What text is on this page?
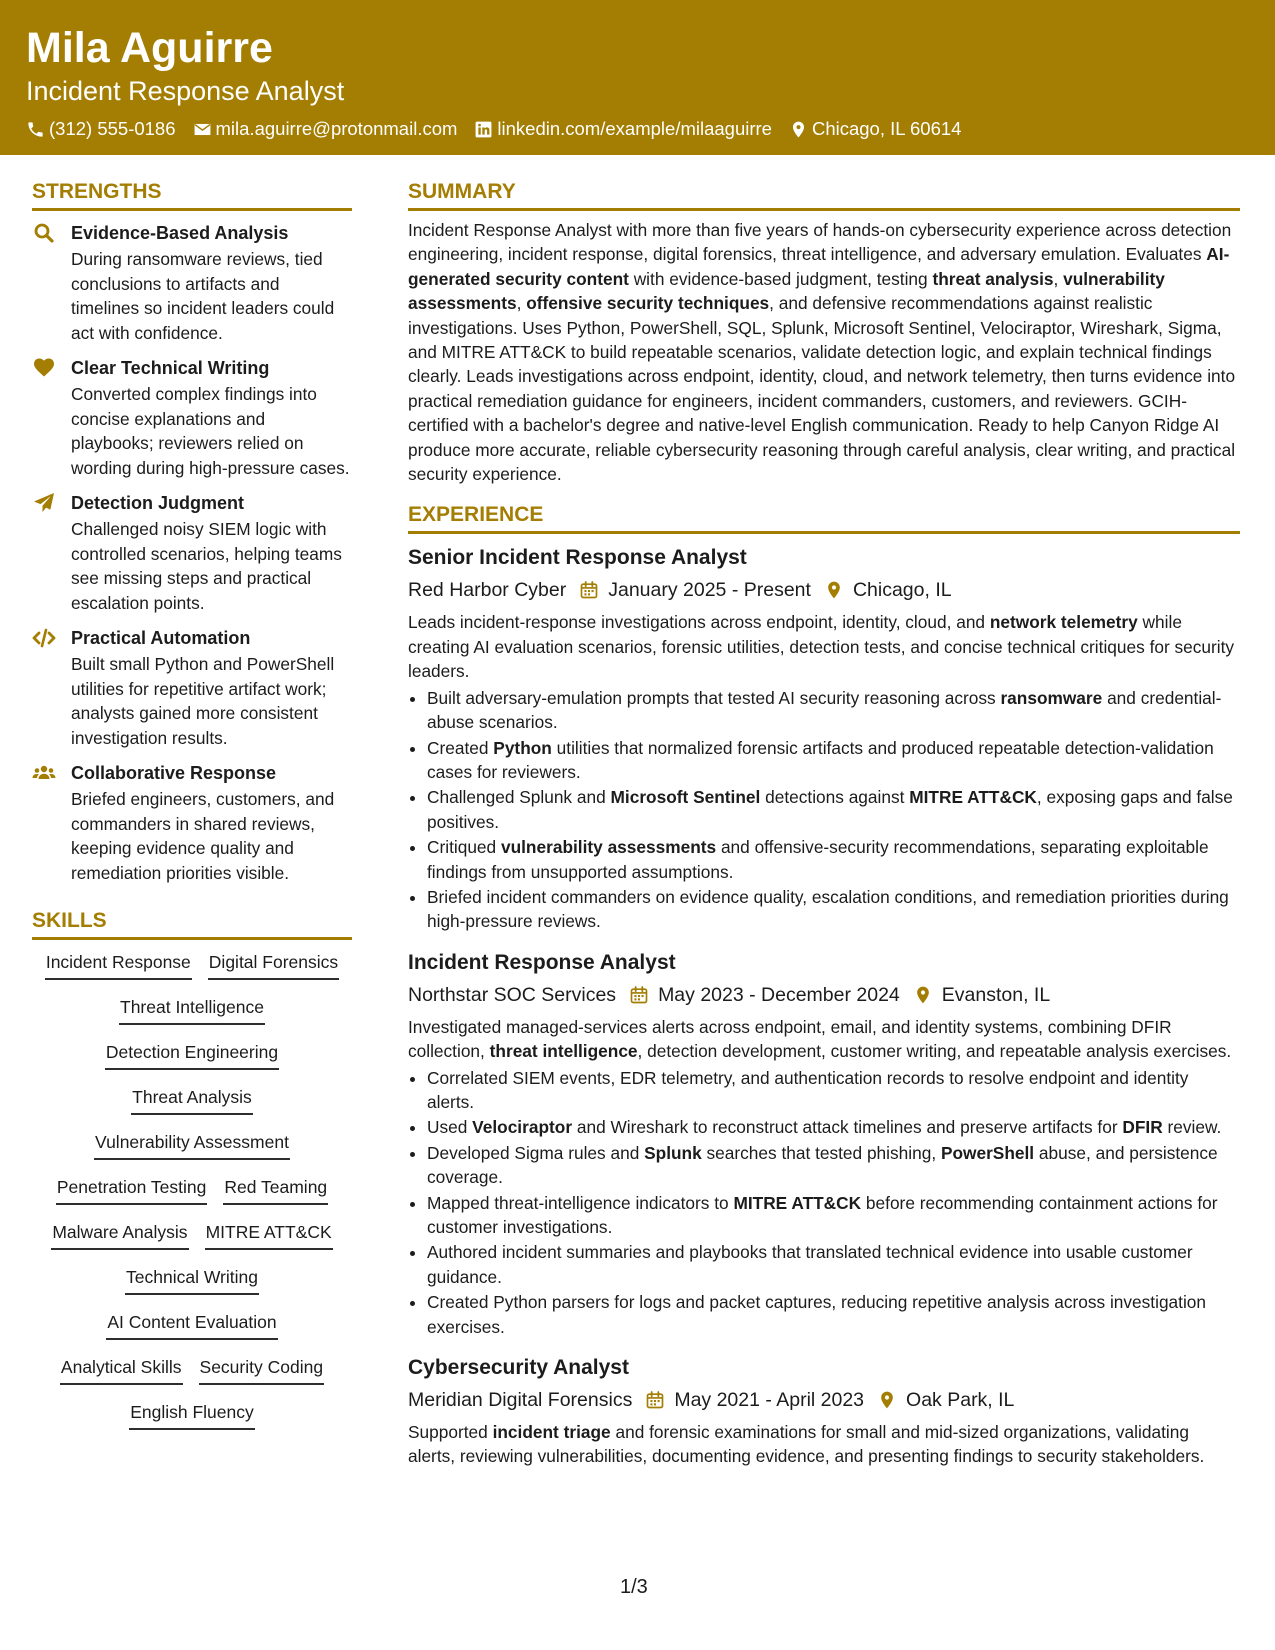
Mila Aguirre
Incident Response Analyst
(312) 555-0186 mila.aguirre@protonmail.com linkedin.com/example/milaaguirre Chicago, IL 60614
STRENGTHS
Evidence-Based Analysis
During ransomware reviews, tied conclusions to artifacts and timelines so incident leaders could act with confidence.
Clear Technical Writing
Converted complex findings into concise explanations and playbooks; reviewers relied on wording during high-pressure cases.
Detection Judgment
Challenged noisy SIEM logic with controlled scenarios, helping teams see missing steps and practical escalation points.
Practical Automation
Built small Python and PowerShell utilities for repetitive artifact work; analysts gained more consistent investigation results.
Collaborative Response
Briefed engineers, customers, and commanders in shared reviews, keeping evidence quality and remediation priorities visible.
SKILLS
Incident Response Digital Forensics
Threat Intelligence
Detection Engineering
Threat Analysis
Vulnerability Assessment
Penetration Testing Red Teaming
Malware Analysis MITRE ATT&CK
Technical Writing
AI Content Evaluation
Analytical Skills Security Coding
English Fluency
SUMMARY
Incident Response Analyst with more than five years of hands-on cybersecurity experience across detection engineering, incident response, digital forensics, threat intelligence, and adversary emulation. Evaluates AI-generated security content with evidence-based judgment, testing threat analysis, vulnerability assessments, offensive security techniques, and defensive recommendations against realistic investigations. Uses Python, PowerShell, SQL, Splunk, Microsoft Sentinel, Velociraptor, Wireshark, Sigma, and MITRE ATT&CK to build repeatable scenarios, validate detection logic, and explain technical findings clearly. Leads investigations across endpoint, identity, cloud, and network telemetry, then turns evidence into practical remediation guidance for engineers, incident commanders, customers, and reviewers. GCIH-certified with a bachelor's degree and native-level English communication. Ready to help Canyon Ridge AI produce more accurate, reliable cybersecurity reasoning through careful analysis, clear writing, and practical security experience.
EXPERIENCE
Senior Incident Response Analyst
Red Harbor Cyber January 2025 - Present Chicago, IL
Leads incident-response investigations across endpoint, identity, cloud, and network telemetry while creating AI evaluation scenarios, forensic utilities, detection tests, and concise technical critiques for security leaders.
• Built adversary-emulation prompts that tested AI security reasoning across ransomware and credential-abuse scenarios.
• Created Python utilities that normalized forensic artifacts and produced repeatable detection-validation cases for reviewers.
• Challenged Splunk and Microsoft Sentinel detections against MITRE ATT&CK, exposing gaps and false positives.
• Critiqued vulnerability assessments and offensive-security recommendations, separating exploitable findings from unsupported assumptions.
• Briefed incident commanders on evidence quality, escalation conditions, and remediation priorities during high-pressure reviews.
Incident Response Analyst
Northstar SOC Services May 2023 - December 2024 Evanston, IL
Investigated managed-services alerts across endpoint, email, and identity systems, combining DFIR collection, threat intelligence, detection development, customer writing, and repeatable analysis exercises.
• Correlated SIEM events, EDR telemetry, and authentication records to resolve endpoint and identity alerts.
• Used Velociraptor and Wireshark to reconstruct attack timelines and preserve artifacts for DFIR review.
• Developed Sigma rules and Splunk searches that tested phishing, PowerShell abuse, and persistence coverage.
• Mapped threat-intelligence indicators to MITRE ATT&CK before recommending containment actions for customer investigations.
• Authored incident summaries and playbooks that translated technical evidence into usable customer guidance.
• Created Python parsers for logs and packet captures, reducing repetitive analysis across investigation exercises.
Cybersecurity Analyst
Meridian Digital Forensics May 2021 - April 2023 Oak Park, IL
Supported incident triage and forensic examinations for small and mid-sized organizations, validating alerts, reviewing vulnerabilities, documenting evidence, and presenting findings to security stakeholders.
1/3
